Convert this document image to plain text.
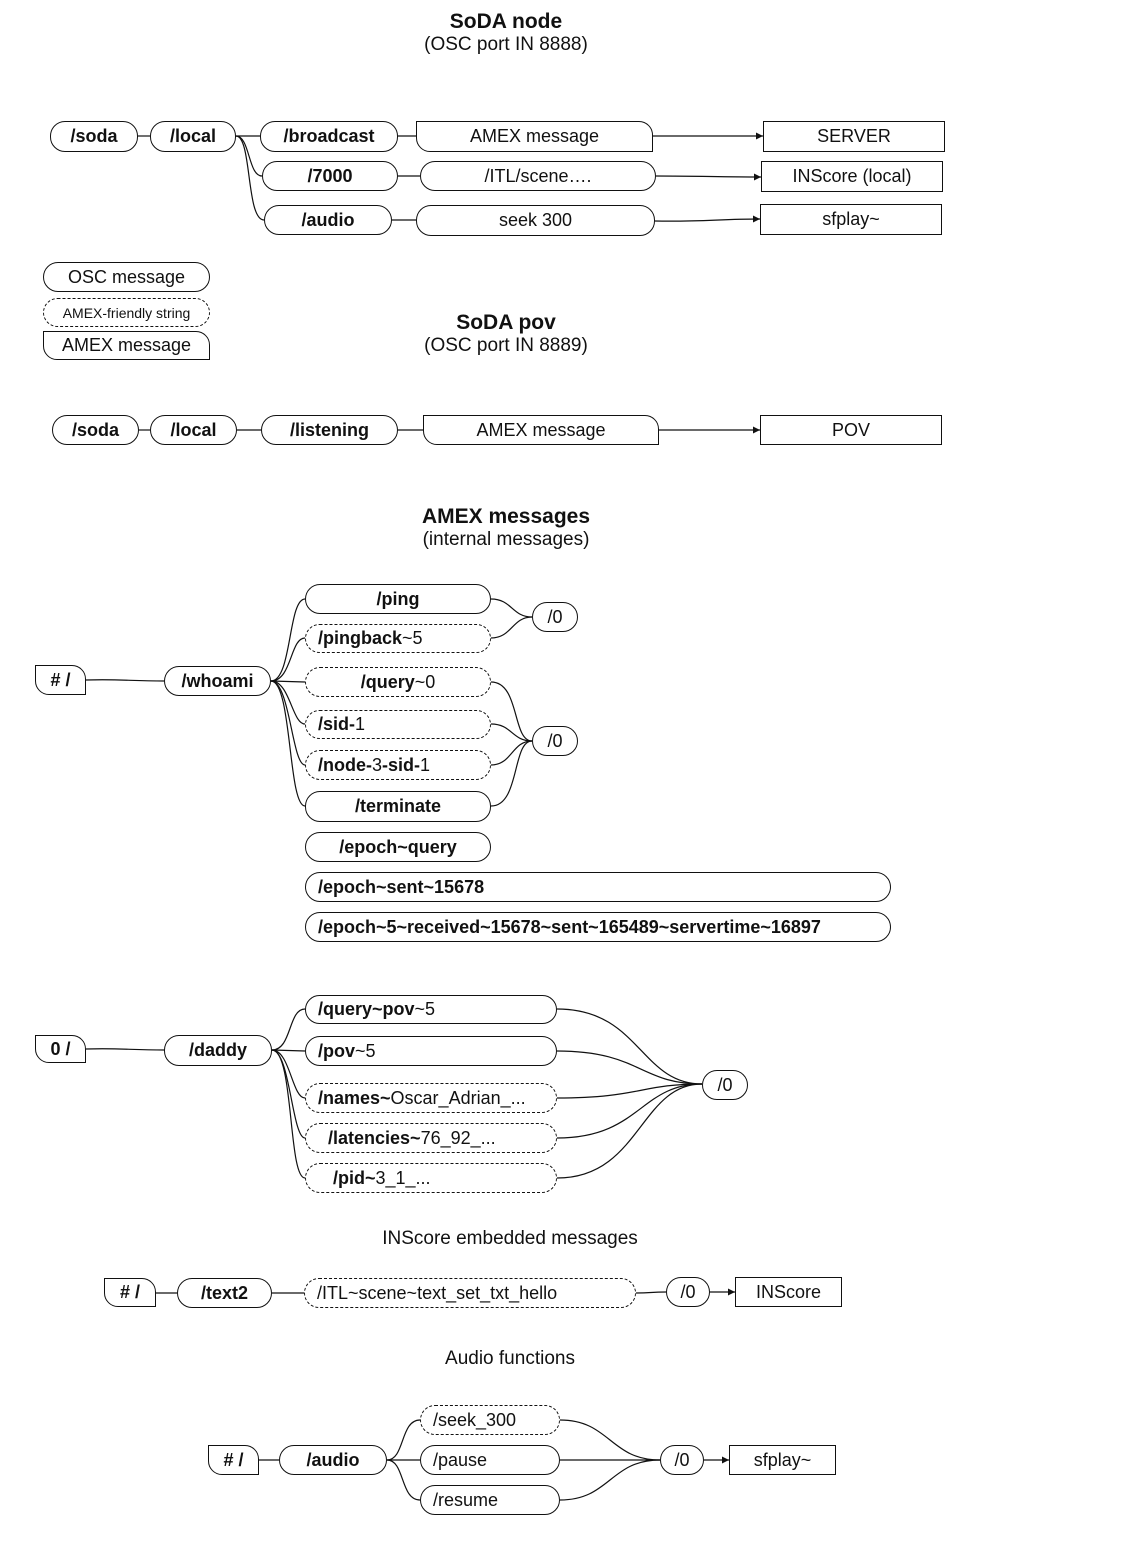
SoDA node
(OSC port IN 8888)
SoDA pov
(OSC port IN 8889)
AMEX messages
(internal messages)
INScore embedded messages
Audio functions
/soda	/local	/broadcast
/7000
/audio
AMEX message
/ITL/scene….
seek 300
SERVER
INScore (local)
sfplay~
OSC message
AMEX-friendly string
AMEX message
/soda	/local	/listening	AMEX message	POV
# /	/whoami
/ping
/pingback ~5
/query ~0
/sid- 1
/node- 3 -sid- 1
/terminate
/0
/0
/epoch~query
/epoch~sent~15678
/epoch~5~received~15678~sent~165489~servertime~16897
0 /	/daddy
/query~pov ~5
/pov ~5
/names~ Oscar_Adrian_...
/latencies~ 76_92_...
/pid~ 3_1_...
/0
# /	/text2	/ITL~scene~text_set_txt_hello	/0	INScore
# /	/audio
/seek_300
/pause
/resume
/0	sfplay~
